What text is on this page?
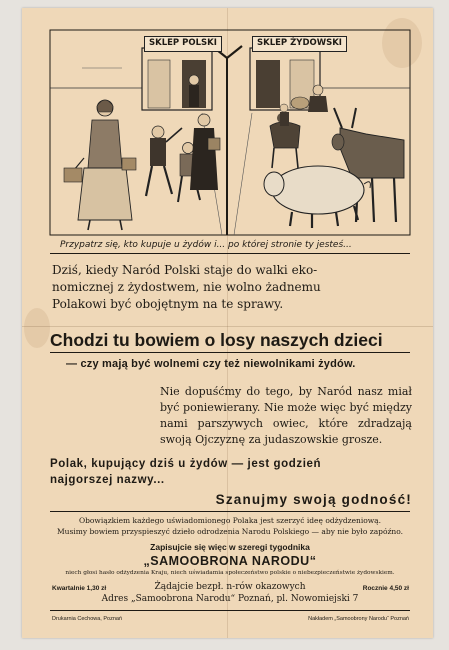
SKLEP POLSKI	SKLEP ŻYDOWSKI
Przypatrz się, kto kupuje u żydów i... po której stronie ty jesteś...
Dziś, kiedy Naród Polski staje do walki eko-
nomicznej z żydostwem, nie wolno żadnemu
Polakowi być obojętnym na te sprawy.
Chodzi tu bowiem o losy naszych dzieci
— czy mają być wolnemi czy też niewolnikami żydów.
Nie dopuśćmy do tego, by Naród nasz miał być poniewierany. Nie może więc być między nami parszywych owiec, które zdradzają swoją Ojczyznę za judaszowskie grosze.
Polak, kupujący dziś u żydów — jest godzień
najgorszej nazwy...
Szanujmy swoją godność!
Obowiązkiem każdego uświadomionego Polaka jest szerzyć ideę odżydzeniową.
Musimy bowiem przyspieszyć dzieło odrodzenia Narodu Polskiego — aby nie było zapóźno.
Zapisujcie się więc w szeregi tygodnika
„SAMOOBRONA NARODU“
niech głosi hasło odżydzenia Kraju, niech uświadamia społeczeństwo polskie o niebezpieczeństwie żydowskiem.
Kwartalnie 1,30 zł	Rocznie 4,50 zł
Żądajcie bezpł. n-rów okazowych
Adres „Samoobrona Narodu“ Poznań, pl. Nowomiejski 7
Drukarnia Cechowa, Poznań	Nakładem „Samoobrony Narodu“ Poznań
